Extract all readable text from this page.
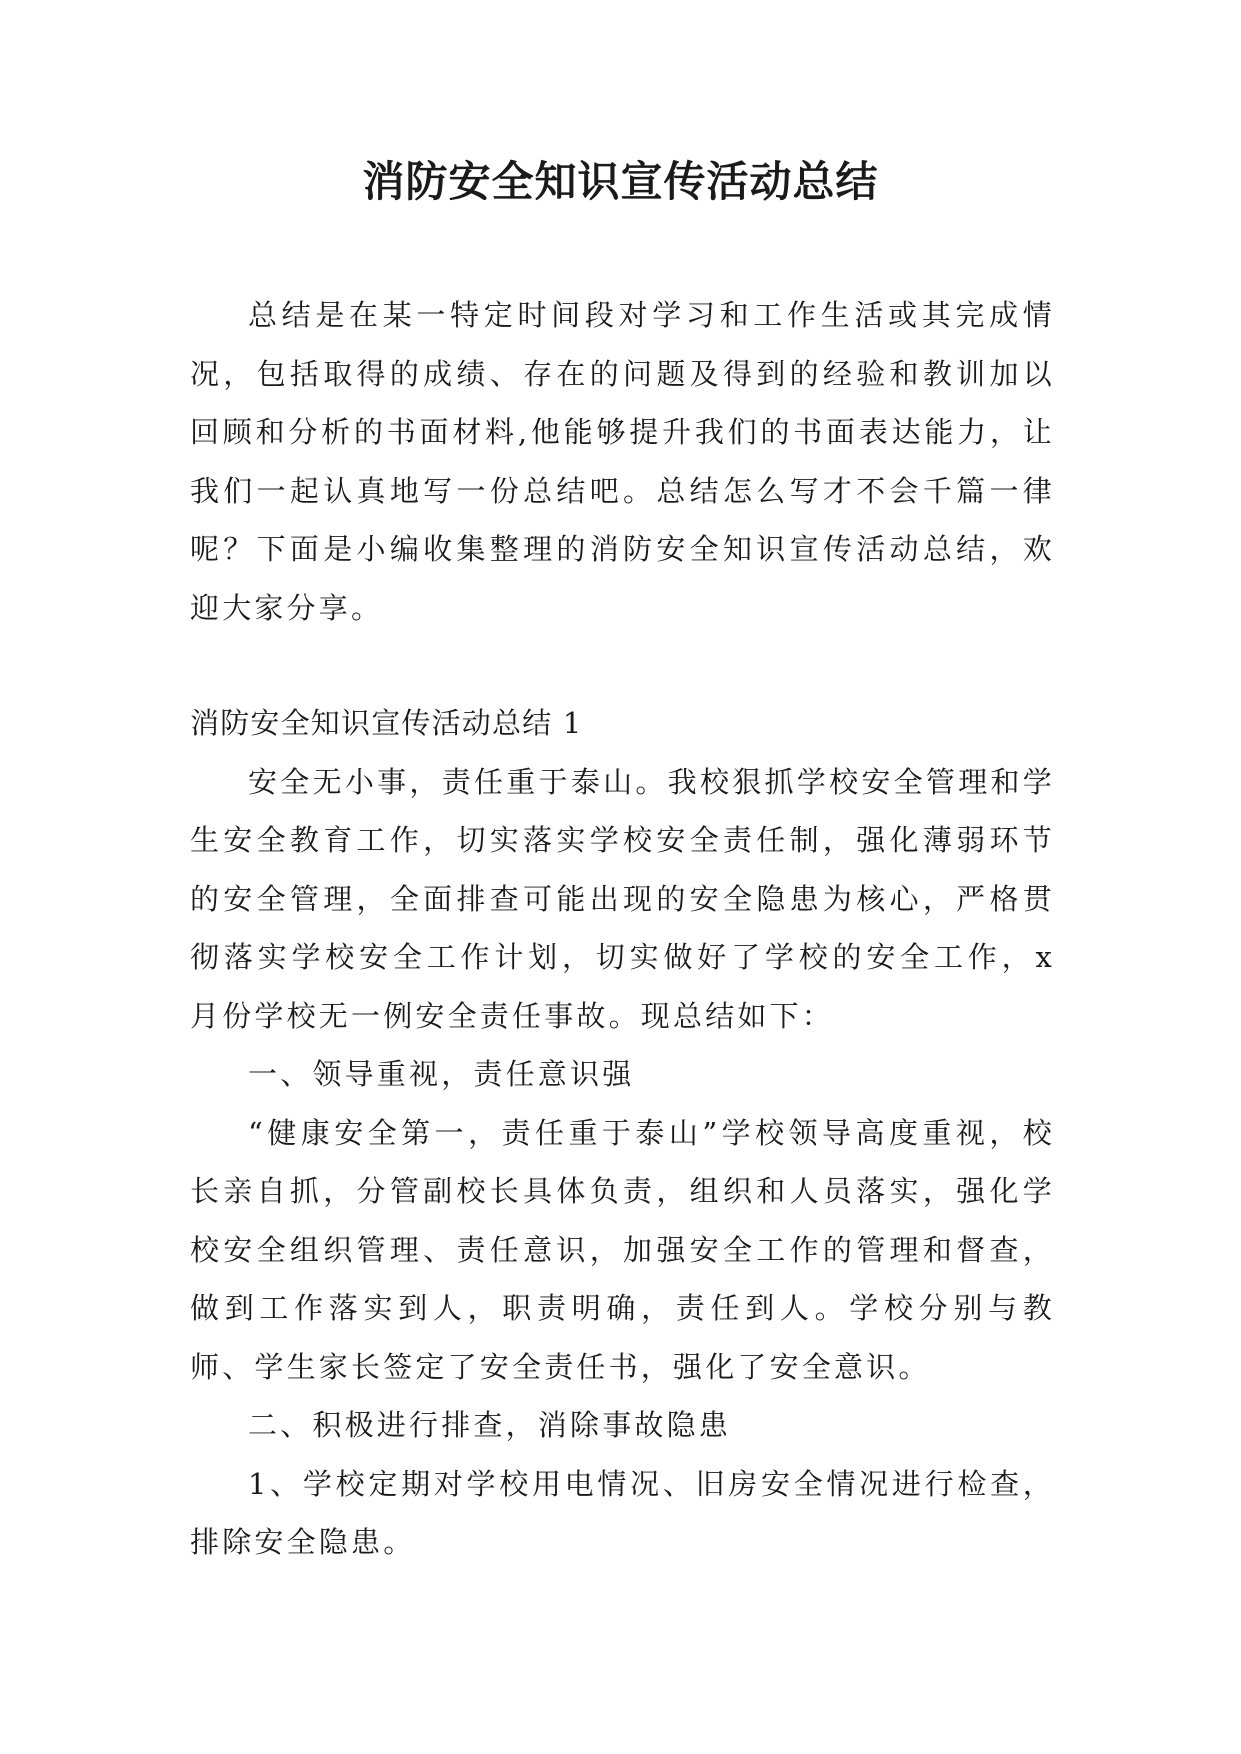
消防安全知识宣传活动总结

总结是在某一特定时间段对学习和工作生活或其完成情况，包括取得的成绩、存在的问题及得到的经验和教训加以回顾和分析的书面材料,他能够提升我们的书面表达能力，让我们一起认真地写一份总结吧。总结怎么写才不会千篇一律呢？下面是小编收集整理的消防安全知识宣传活动总结，欢迎大家分享。

消防安全知识宣传活动总结 1

安全无小事，责任重于泰山。我校狠抓学校安全管理和学生安全教育工作，切实落实学校安全责任制，强化薄弱环节的安全管理，全面排查可能出现的安全隐患为核心，严格贯彻落实学校安全工作计划，切实做好了学校的安全工作，x 月份学校无一例安全责任事故。现总结如下：

一、领导重视，责任意识强

“健康安全第一，责任重于泰山”学校领导高度重视，校长亲自抓，分管副校长具体负责，组织和人员落实，强化学校安全组织管理、责任意识，加强安全工作的管理和督查，做到工作落实到人，职责明确，责任到人。学校分别与教师、学生家长签定了安全责任书，强化了安全意识。

二、积极进行排查，消除事故隐患

1、学校定期对学校用电情况、旧房安全情况进行检查，排除安全隐患。
